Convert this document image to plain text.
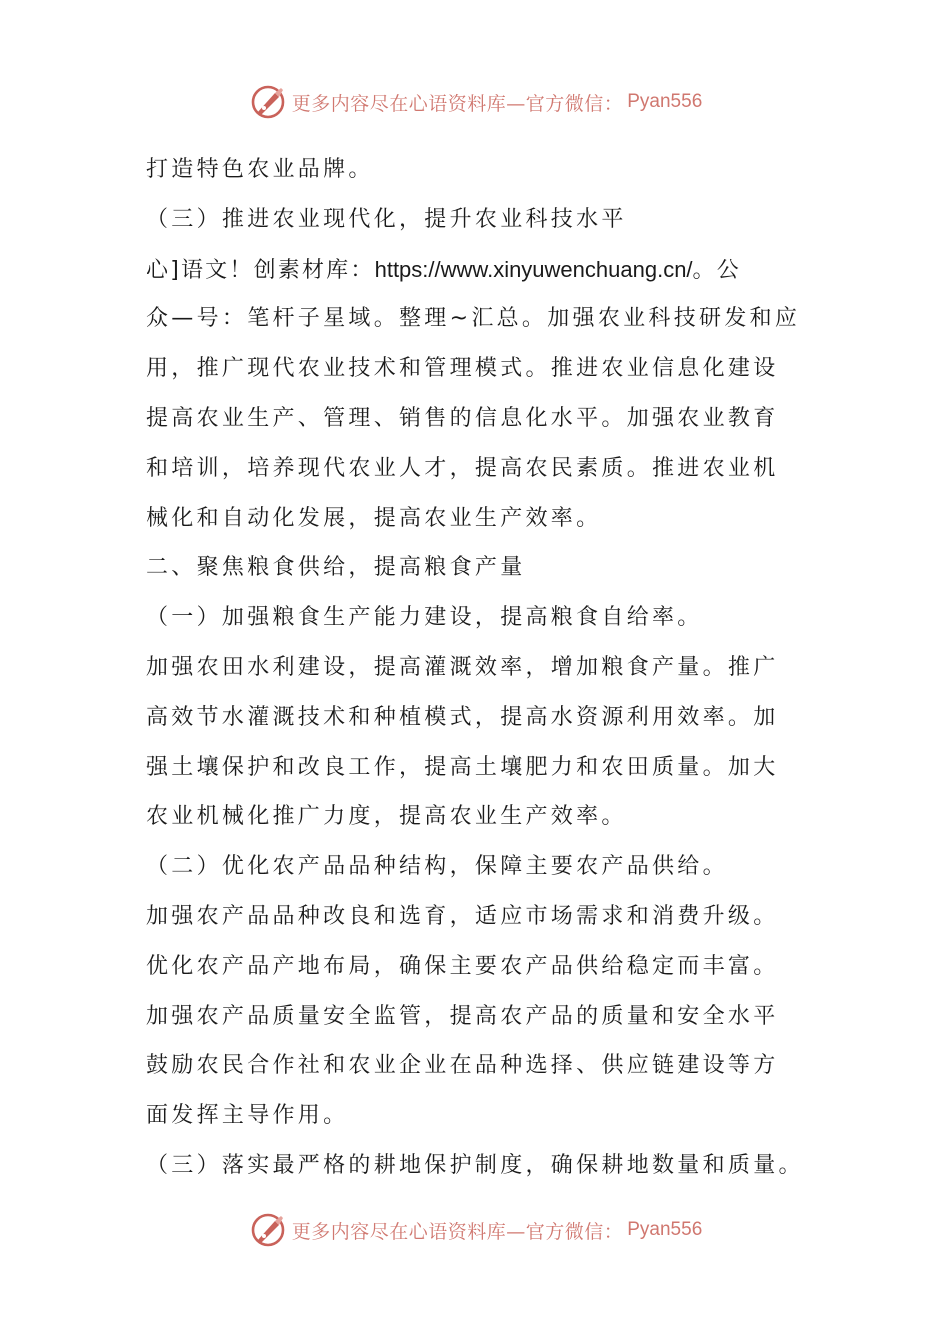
更多内容尽在心语资料库—官方微信： Pyan556
打造特色农业品牌。
（三）推进农业现代化，提升农业科技水平
心]语文！创素材库：https://www.xinyuwenchuang.cn/。公
众—号：笔杆子星域。整理~汇总。加强农业科技研发和应
用，推广现代农业技术和管理模式。推进农业信息化建设
提高农业生产、管理、销售的信息化水平。加强农业教育
和培训，培养现代农业人才，提高农民素质。推进农业机
械化和自动化发展，提高农业生产效率。
二、聚焦粮食供给，提高粮食产量
（一）加强粮食生产能力建设，提高粮食自给率。
加强农田水利建设，提高灌溉效率，增加粮食产量。推广
高效节水灌溉技术和种植模式，提高水资源利用效率。加
强土壤保护和改良工作，提高土壤肥力和农田质量。加大
农业机械化推广力度，提高农业生产效率。
（二）优化农产品品种结构，保障主要农产品供给。
加强农产品品种改良和选育，适应市场需求和消费升级。
优化农产品产地布局，确保主要农产品供给稳定而丰富。
加强农产品质量安全监管，提高农产品的质量和安全水平
鼓励农民合作社和农业企业在品种选择、供应链建设等方
面发挥主导作用。
（三）落实最严格的耕地保护制度，确保耕地数量和质量。
更多内容尽在心语资料库—官方微信： Pyan556
